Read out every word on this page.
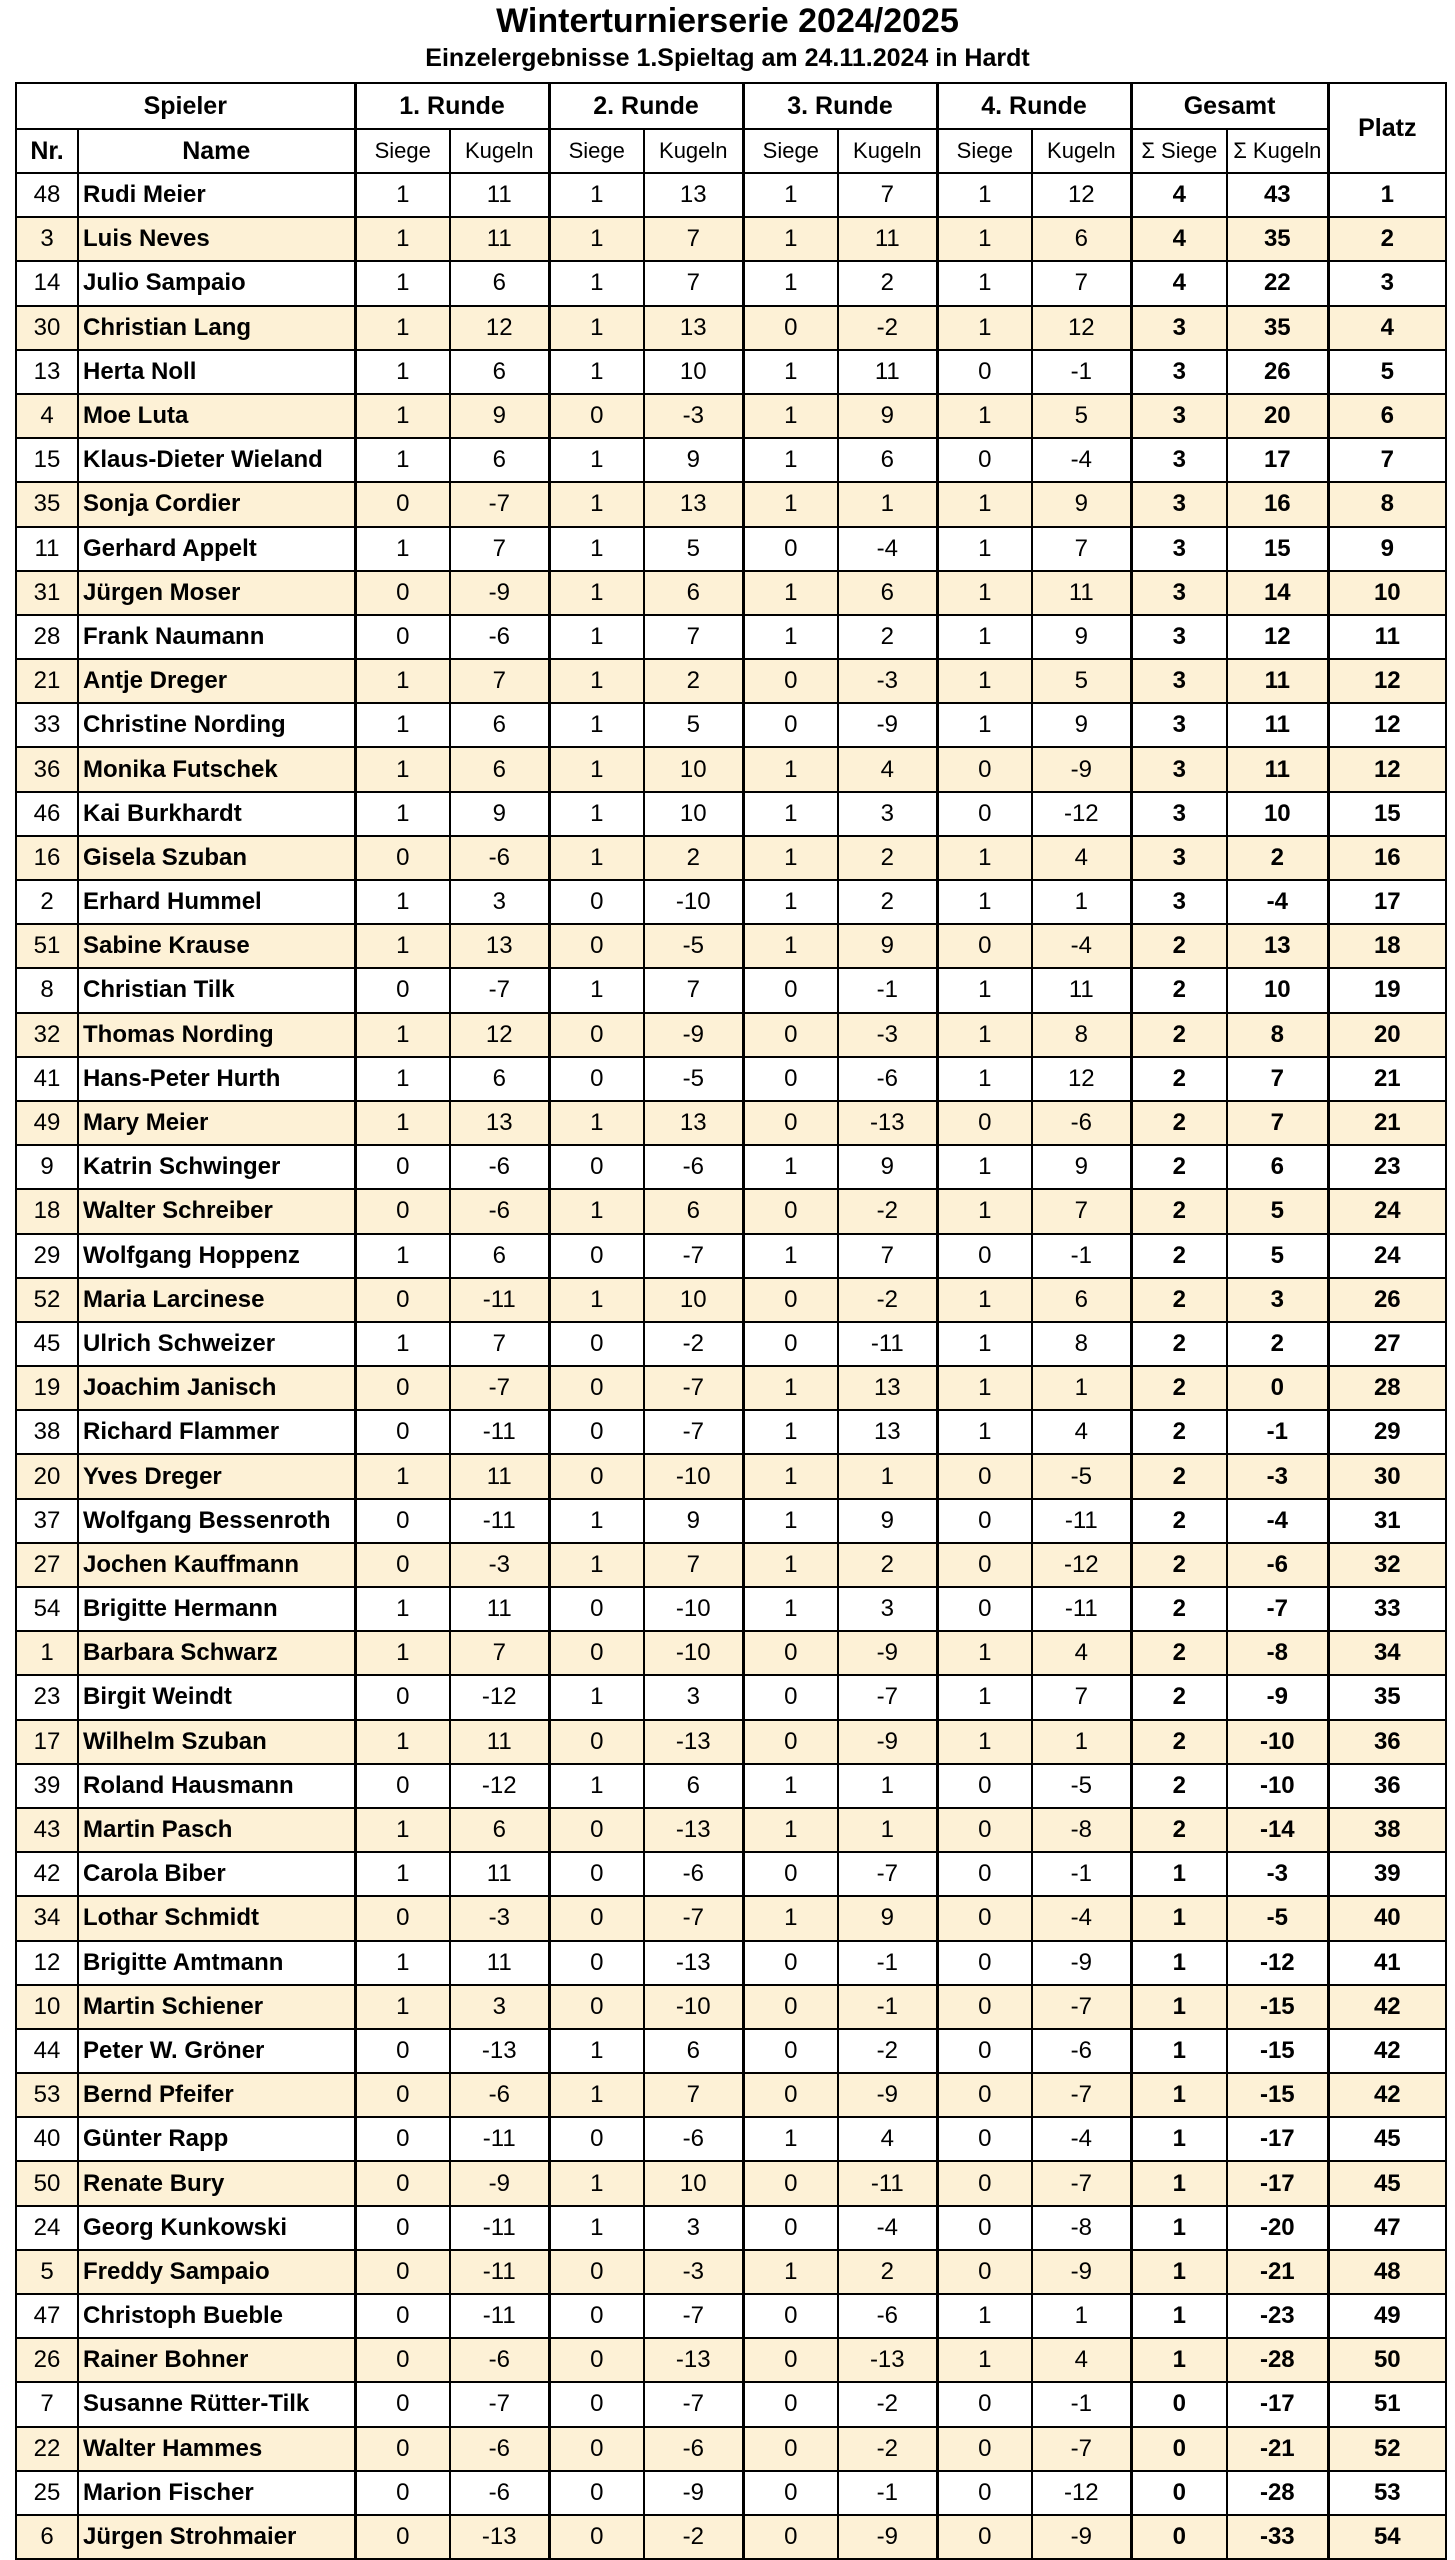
Winterturnierserie 2024/2025
Einzelergebnisse 1.Spieltag am 24.11.2024 in Hardt
Spieler		1. Runde		2. Runde		3. Runde		4. Runde		Gesamt		Platz
Nr.	Name	Siege	Kugeln	Siege	Kugeln	Siege	Kugeln	Siege	Kugeln	Σ Siege	Σ Kugeln	
48	Rudi Meier	1	11	1	13	1	7	1	12	4	43	1
3	Luis Neves	1	11	1	7	1	11	1	6	4	35	2
14	Julio Sampaio	1	6	1	7	1	2	1	7	4	22	3
30	Christian Lang	1	12	1	13	0	-2	1	12	3	35	4
13	Herta Noll	1	6	1	10	1	11	0	-1	3	26	5
4	Moe Luta	1	9	0	-3	1	9	1	5	3	20	6
15	Klaus-Dieter Wieland	1	6	1	9	1	6	0	-4	3	17	7
35	Sonja Cordier	0	-7	1	13	1	1	1	9	3	16	8
11	Gerhard Appelt	1	7	1	5	0	-4	1	7	3	15	9
31	Jürgen Moser	0	-9	1	6	1	6	1	11	3	14	10
28	Frank Naumann	0	-6	1	7	1	2	1	9	3	12	11
21	Antje Dreger	1	7	1	2	0	-3	1	5	3	11	12
33	Christine Nording	1	6	1	5	0	-9	1	9	3	11	12
36	Monika Futschek	1	6	1	10	1	4	0	-9	3	11	12
46	Kai Burkhardt	1	9	1	10	1	3	0	-12	3	10	15
16	Gisela Szuban	0	-6	1	2	1	2	1	4	3	2	16
2	Erhard Hummel	1	3	0	-10	1	2	1	1	3	-4	17
51	Sabine Krause	1	13	0	-5	1	9	0	-4	2	13	18
8	Christian Tilk	0	-7	1	7	0	-1	1	11	2	10	19
32	Thomas Nording	1	12	0	-9	0	-3	1	8	2	8	20
41	Hans-Peter Hurth	1	6	0	-5	0	-6	1	12	2	7	21
49	Mary Meier	1	13	1	13	0	-13	0	-6	2	7	21
9	Katrin Schwinger	0	-6	0	-6	1	9	1	9	2	6	23
18	Walter Schreiber	0	-6	1	6	0	-2	1	7	2	5	24
29	Wolfgang Hoppenz	1	6	0	-7	1	7	0	-1	2	5	24
52	Maria Larcinese	0	-11	1	10	0	-2	1	6	2	3	26
45	Ulrich Schweizer	1	7	0	-2	0	-11	1	8	2	2	27
19	Joachim Janisch	0	-7	0	-7	1	13	1	1	2	0	28
38	Richard Flammer	0	-11	0	-7	1	13	1	4	2	-1	29
20	Yves Dreger	1	11	0	-10	1	1	0	-5	2	-3	30
37	Wolfgang Bessenroth	0	-11	1	9	1	9	0	-11	2	-4	31
27	Jochen Kauffmann	0	-3	1	7	1	2	0	-12	2	-6	32
54	Brigitte Hermann	1	11	0	-10	1	3	0	-11	2	-7	33
1	Barbara Schwarz	1	7	0	-10	0	-9	1	4	2	-8	34
23	Birgit Weindt	0	-12	1	3	0	-7	1	7	2	-9	35
17	Wilhelm Szuban	1	11	0	-13	0	-9	1	1	2	-10	36
39	Roland Hausmann	0	-12	1	6	1	1	0	-5	2	-10	36
43	Martin Pasch	1	6	0	-13	1	1	0	-8	2	-14	38
42	Carola Biber	1	11	0	-6	0	-7	0	-1	1	-3	39
34	Lothar Schmidt	0	-3	0	-7	1	9	0	-4	1	-5	40
12	Brigitte Amtmann	1	11	0	-13	0	-1	0	-9	1	-12	41
10	Martin Schiener	1	3	0	-10	0	-1	0	-7	1	-15	42
44	Peter W. Gröner	0	-13	1	6	0	-2	0	-6	1	-15	42
53	Bernd Pfeifer	0	-6	1	7	0	-9	0	-7	1	-15	42
40	Günter Rapp	0	-11	0	-6	1	4	0	-4	1	-17	45
50	Renate Bury	0	-9	1	10	0	-11	0	-7	1	-17	45
24	Georg Kunkowski	0	-11	1	3	0	-4	0	-8	1	-20	47
5	Freddy Sampaio	0	-11	0	-3	1	2	0	-9	1	-21	48
47	Christoph Bueble	0	-11	0	-7	0	-6	1	1	1	-23	49
26	Rainer Bohner	0	-6	0	-13	0	-13	1	4	1	-28	50
7	Susanne Rütter-Tilk	0	-7	0	-7	0	-2	0	-1	0	-17	51
22	Walter Hammes	0	-6	0	-6	0	-2	0	-7	0	-21	52
25	Marion Fischer	0	-6	0	-9	0	-1	0	-12	0	-28	53
6	Jürgen Strohmaier	0	-13	0	-2	0	-9	0	-9	0	-33	54
